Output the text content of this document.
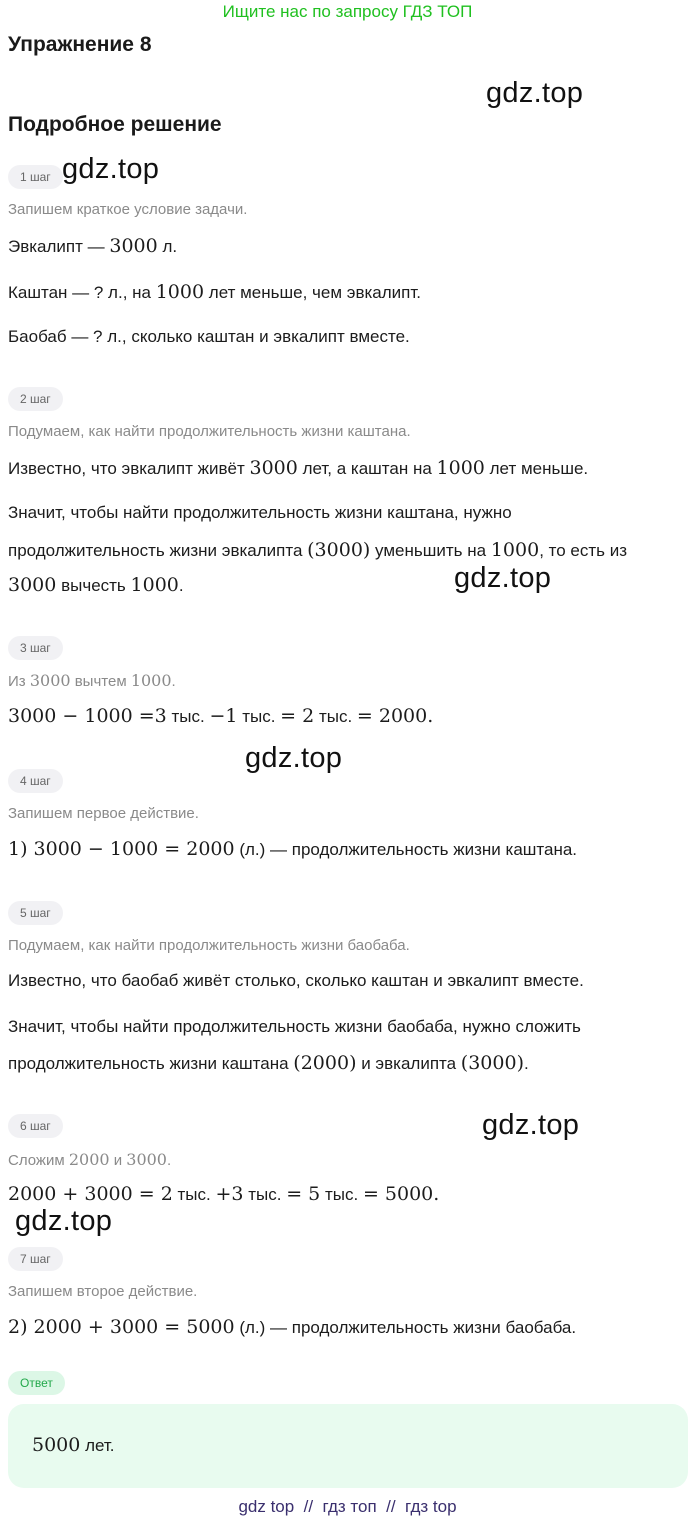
Ищите нас по запросу ГДЗ ТОП
Упражнение 8
gdz.top
Подробное решение
1 шаг gdz.top
Запишем краткое условие задачи.
Эвкалипт — 3000 л.
Каштан — ? л., на 1000 лет меньше, чем эвкалипт.
Баобаб — ? л., сколько каштан и эвкалипт вместе.
2 шаг
Подумаем, как найти продолжительность жизни каштана.
Известно, что эвкалипт живёт 3000 лет, а каштан на 1000 лет меньше.
Значит, чтобы найти продолжительность жизни каштана, нужно
продолжительность жизни эвкалипта (3000) уменьшить на 1000, то есть из
3000 вычесть 1000.	gdz.top
3 шаг
Из 3000 вычтем 1000.
3000 − 1000 =3 тыс. −1 тыс. = 2 тыс. = 2000.
gdz.top
4 шаг
Запишем первое действие.
1) 3000 − 1000 = 2000 (л.) — продолжительность жизни каштана.
5 шаг
Подумаем, как найти продолжительность жизни баобаба.
Известно, что баобаб живёт столько, сколько каштан и эвкалипт вместе.
Значит, чтобы найти продолжительность жизни баобаба, нужно сложить
продолжительность жизни каштана (2000) и эвкалипта (3000).
6 шаг	gdz.top
Сложим 2000 и 3000.
2000 + 3000 = 2 тыс. +3 тыс. = 5 тыс. = 5000.
gdz.top
7 шаг
Запишем второе действие.
2) 2000 + 3000 = 5000 (л.) — продолжительность жизни баобаба.
Ответ
5000 лет.
gdz top  //  гдз топ  //  гдз top
